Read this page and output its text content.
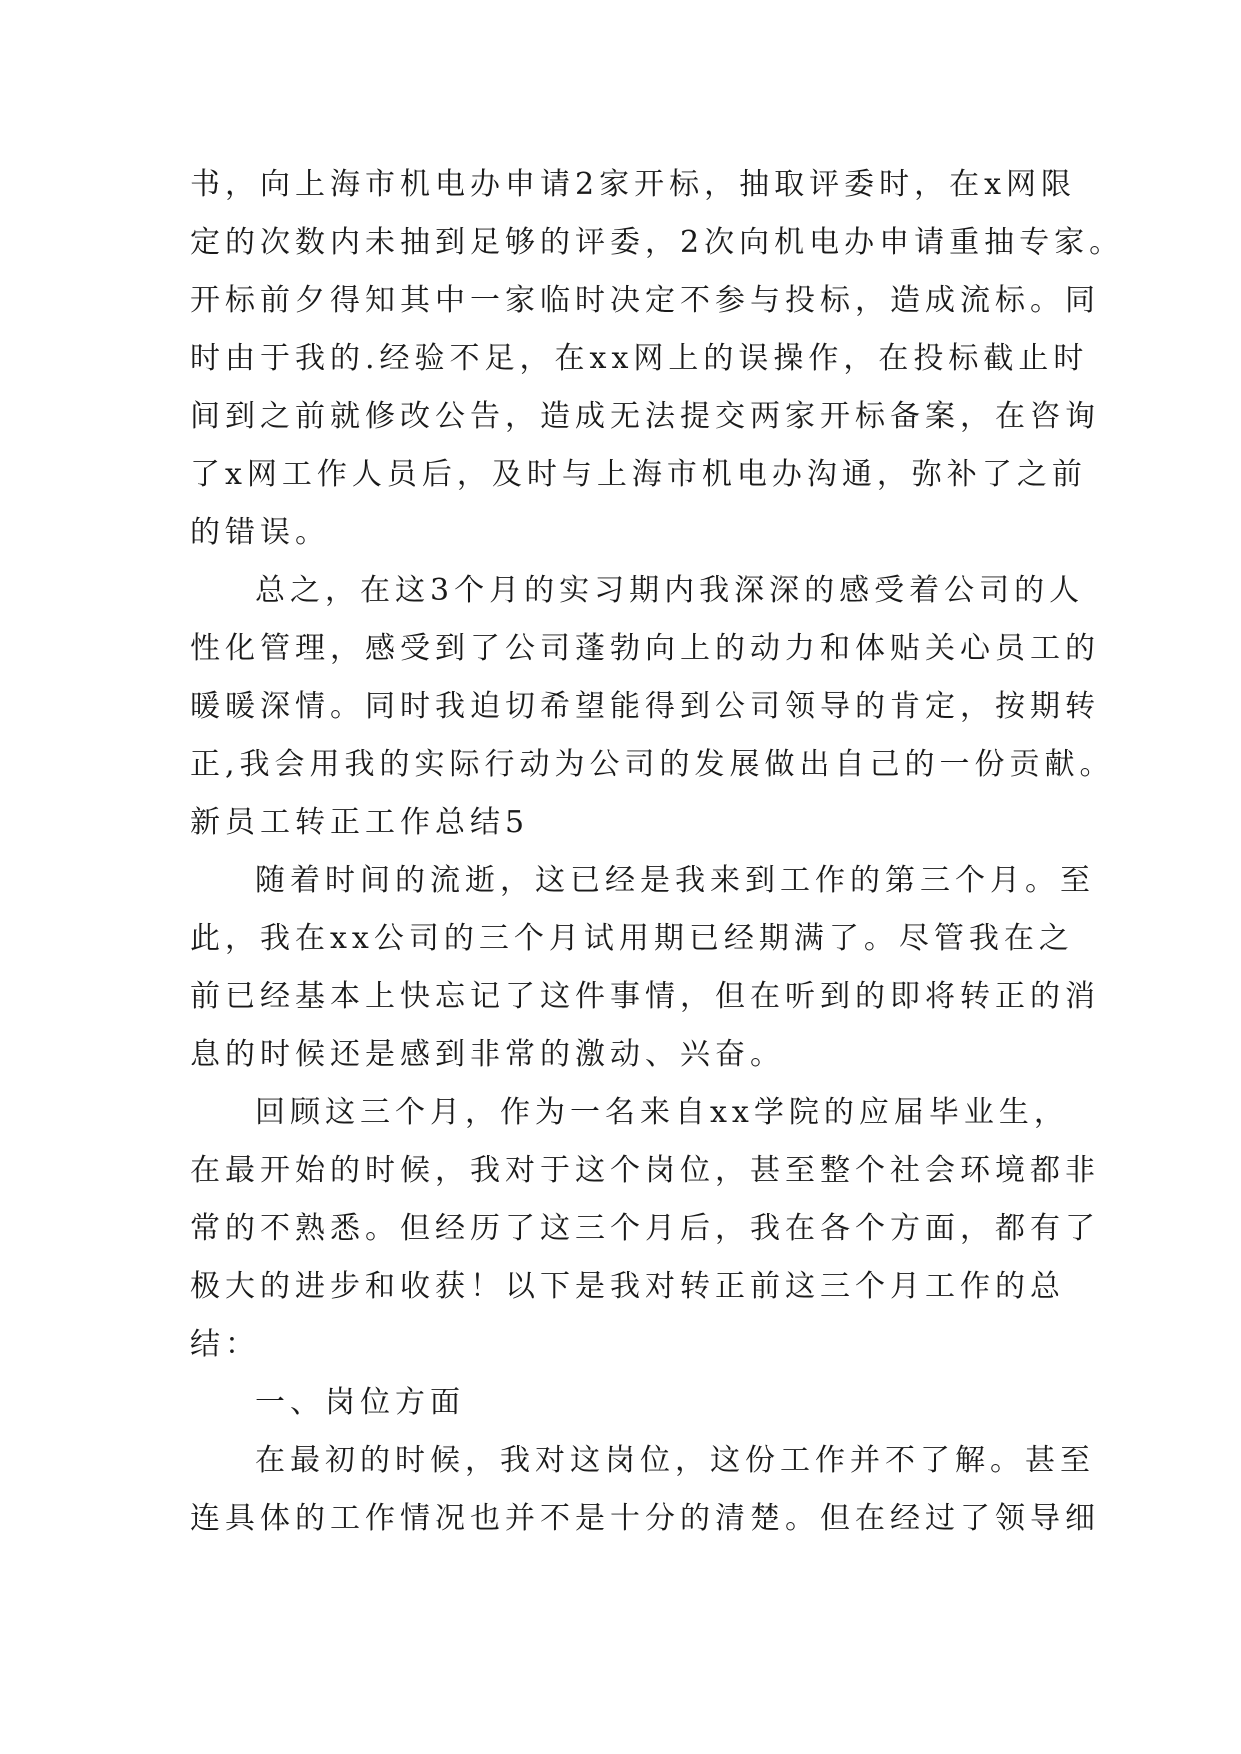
书，向上海市机电办申请2家开标，抽取评委时，在x网限
定的次数内未抽到足够的评委，2次向机电办申请重抽专家。
开标前夕得知其中一家临时决定不参与投标，造成流标。同
时由于我的.经验不足，在xx网上的误操作，在投标截止时
间到之前就修改公告，造成无法提交两家开标备案，在咨询
了x网工作人员后，及时与上海市机电办沟通，弥补了之前
的错误。
总之，在这3个月的实习期内我深深的感受着公司的人
性化管理，感受到了公司蓬勃向上的动力和体贴关心员工的
暖暖深情。同时我迫切希望能得到公司领导的肯定，按期转
正,我会用我的实际行动为公司的发展做出自己的一份贡献。
新员工转正工作总结5
随着时间的流逝，这已经是我来到工作的第三个月。至
此，我在xx公司的三个月试用期已经期满了。尽管我在之
前已经基本上快忘记了这件事情，但在听到的即将转正的消
息的时候还是感到非常的激动、兴奋。
回顾这三个月，作为一名来自xx学院的应届毕业生，
在最开始的时候，我对于这个岗位，甚至整个社会环境都非
常的不熟悉。但经历了这三个月后，我在各个方面，都有了
极大的进步和收获！以下是我对转正前这三个月工作的总
结：
一、岗位方面
在最初的时候，我对这岗位，这份工作并不了解。甚至
连具体的工作情况也并不是十分的清楚。但在经过了领导细
